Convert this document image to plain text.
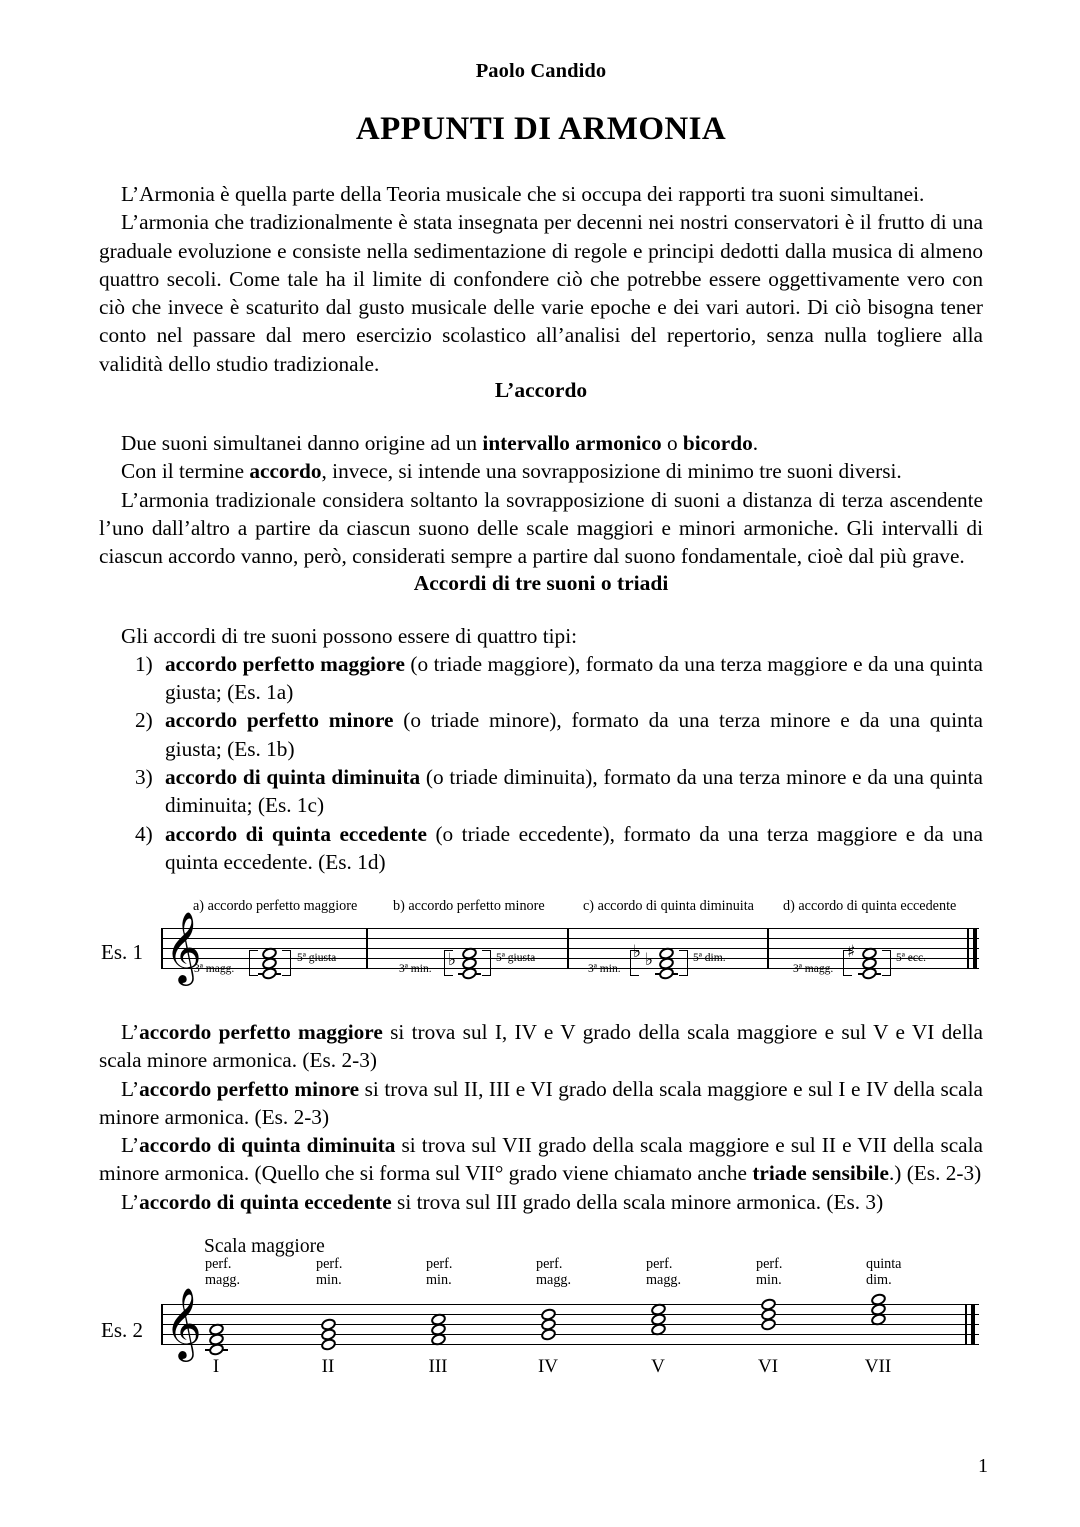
Paolo Candido
APPUNTI DI ARMONIA

L’Armonia è quella parte della Teoria musicale che si occupa dei rapporti tra suoni simultanei.

L’armonia che tradizionalmente è stata insegnata per decenni nei nostri conservatori è il frutto di una graduale evoluzione e consiste nella sedimentazione di regole e principi dedotti dalla musica di almeno quattro secoli. Come tale ha il limite di confondere ciò che potrebbe essere oggettivamente vero con ciò che invece è scaturito dal gusto musicale delle varie epoche e dei vari autori. Di ciò bisogna tener conto nel passare dal mero esercizio scolastico all’analisi del repertorio, senza nulla togliere alla validità dello studio tradizionale.

L’accordo

Due suoni simultanei danno origine ad un intervallo armonico o bicordo.

Con il termine accordo, invece, si intende una sovrapposizione di minimo tre suoni diversi.

L’armonia tradizionale considera soltanto la sovrapposizione di suoni a distanza di terza ascendente l’uno dall’altro a partire da ciascun suono delle scale maggiori e minori armoniche. Gli intervalli di ciascun accordo vanno, però, considerati sempre a partire dal suono fondamentale, cioè dal più grave.

Accordi di tre suoni o triadi

Gli accordi di tre suoni possono essere di quattro tipi:

1) accordo perfetto maggiore (o triade maggiore), formato da una terza maggiore e da una quinta giusta; (Es. 1a)
2) accordo perfetto minore (o triade minore), formato da una terza minore e da una quinta giusta; (Es. 1b)
3) accordo di quinta diminuita (o triade diminuita), formato da una terza minore e da una quinta diminuita; (Es. 1c)
4) accordo di quinta eccedente (o triade eccedente), formato da una terza maggiore e da una quinta eccedente. (Es. 1d)
Es. 1
a) accordo perfetto maggiore	b) accordo perfetto minore	c) accordo di quinta diminuita d) accordo di quinta eccedente
𝄞
3ª magg.
5ª giusta	♭
3ª min.
5ª giusta	♭
♭
3ª min.
5ª dim.	♯
3ª magg.
5ª ecc.

L’accordo perfetto maggiore si trova sul I, IV e V grado della scala maggiore e sul V e VI della scala minore armonica. (Es. 2-3)

L’accordo perfetto minore si trova sul II, III e VI grado della scala maggiore e sul I e IV della scala minore armonica. (Es. 2-3)

L’accordo di quinta diminuita si trova sul VII grado della scala maggiore e sul II e VII della scala minore armonica. (Quello che si forma sul VII° grado viene chiamato anche triade sensibile.) (Es. 2-3)

L’accordo di quinta eccedente si trova sul III grado della scala minore armonica. (Es. 3)

Es. 2
Scala maggiore
𝄞
perf.
magg.
I
perf.
min.
II
perf.
min.
III
perf.
magg.
IV
perf.
magg.
V
perf.
min.
VI
quinta
dim.
VII
1
